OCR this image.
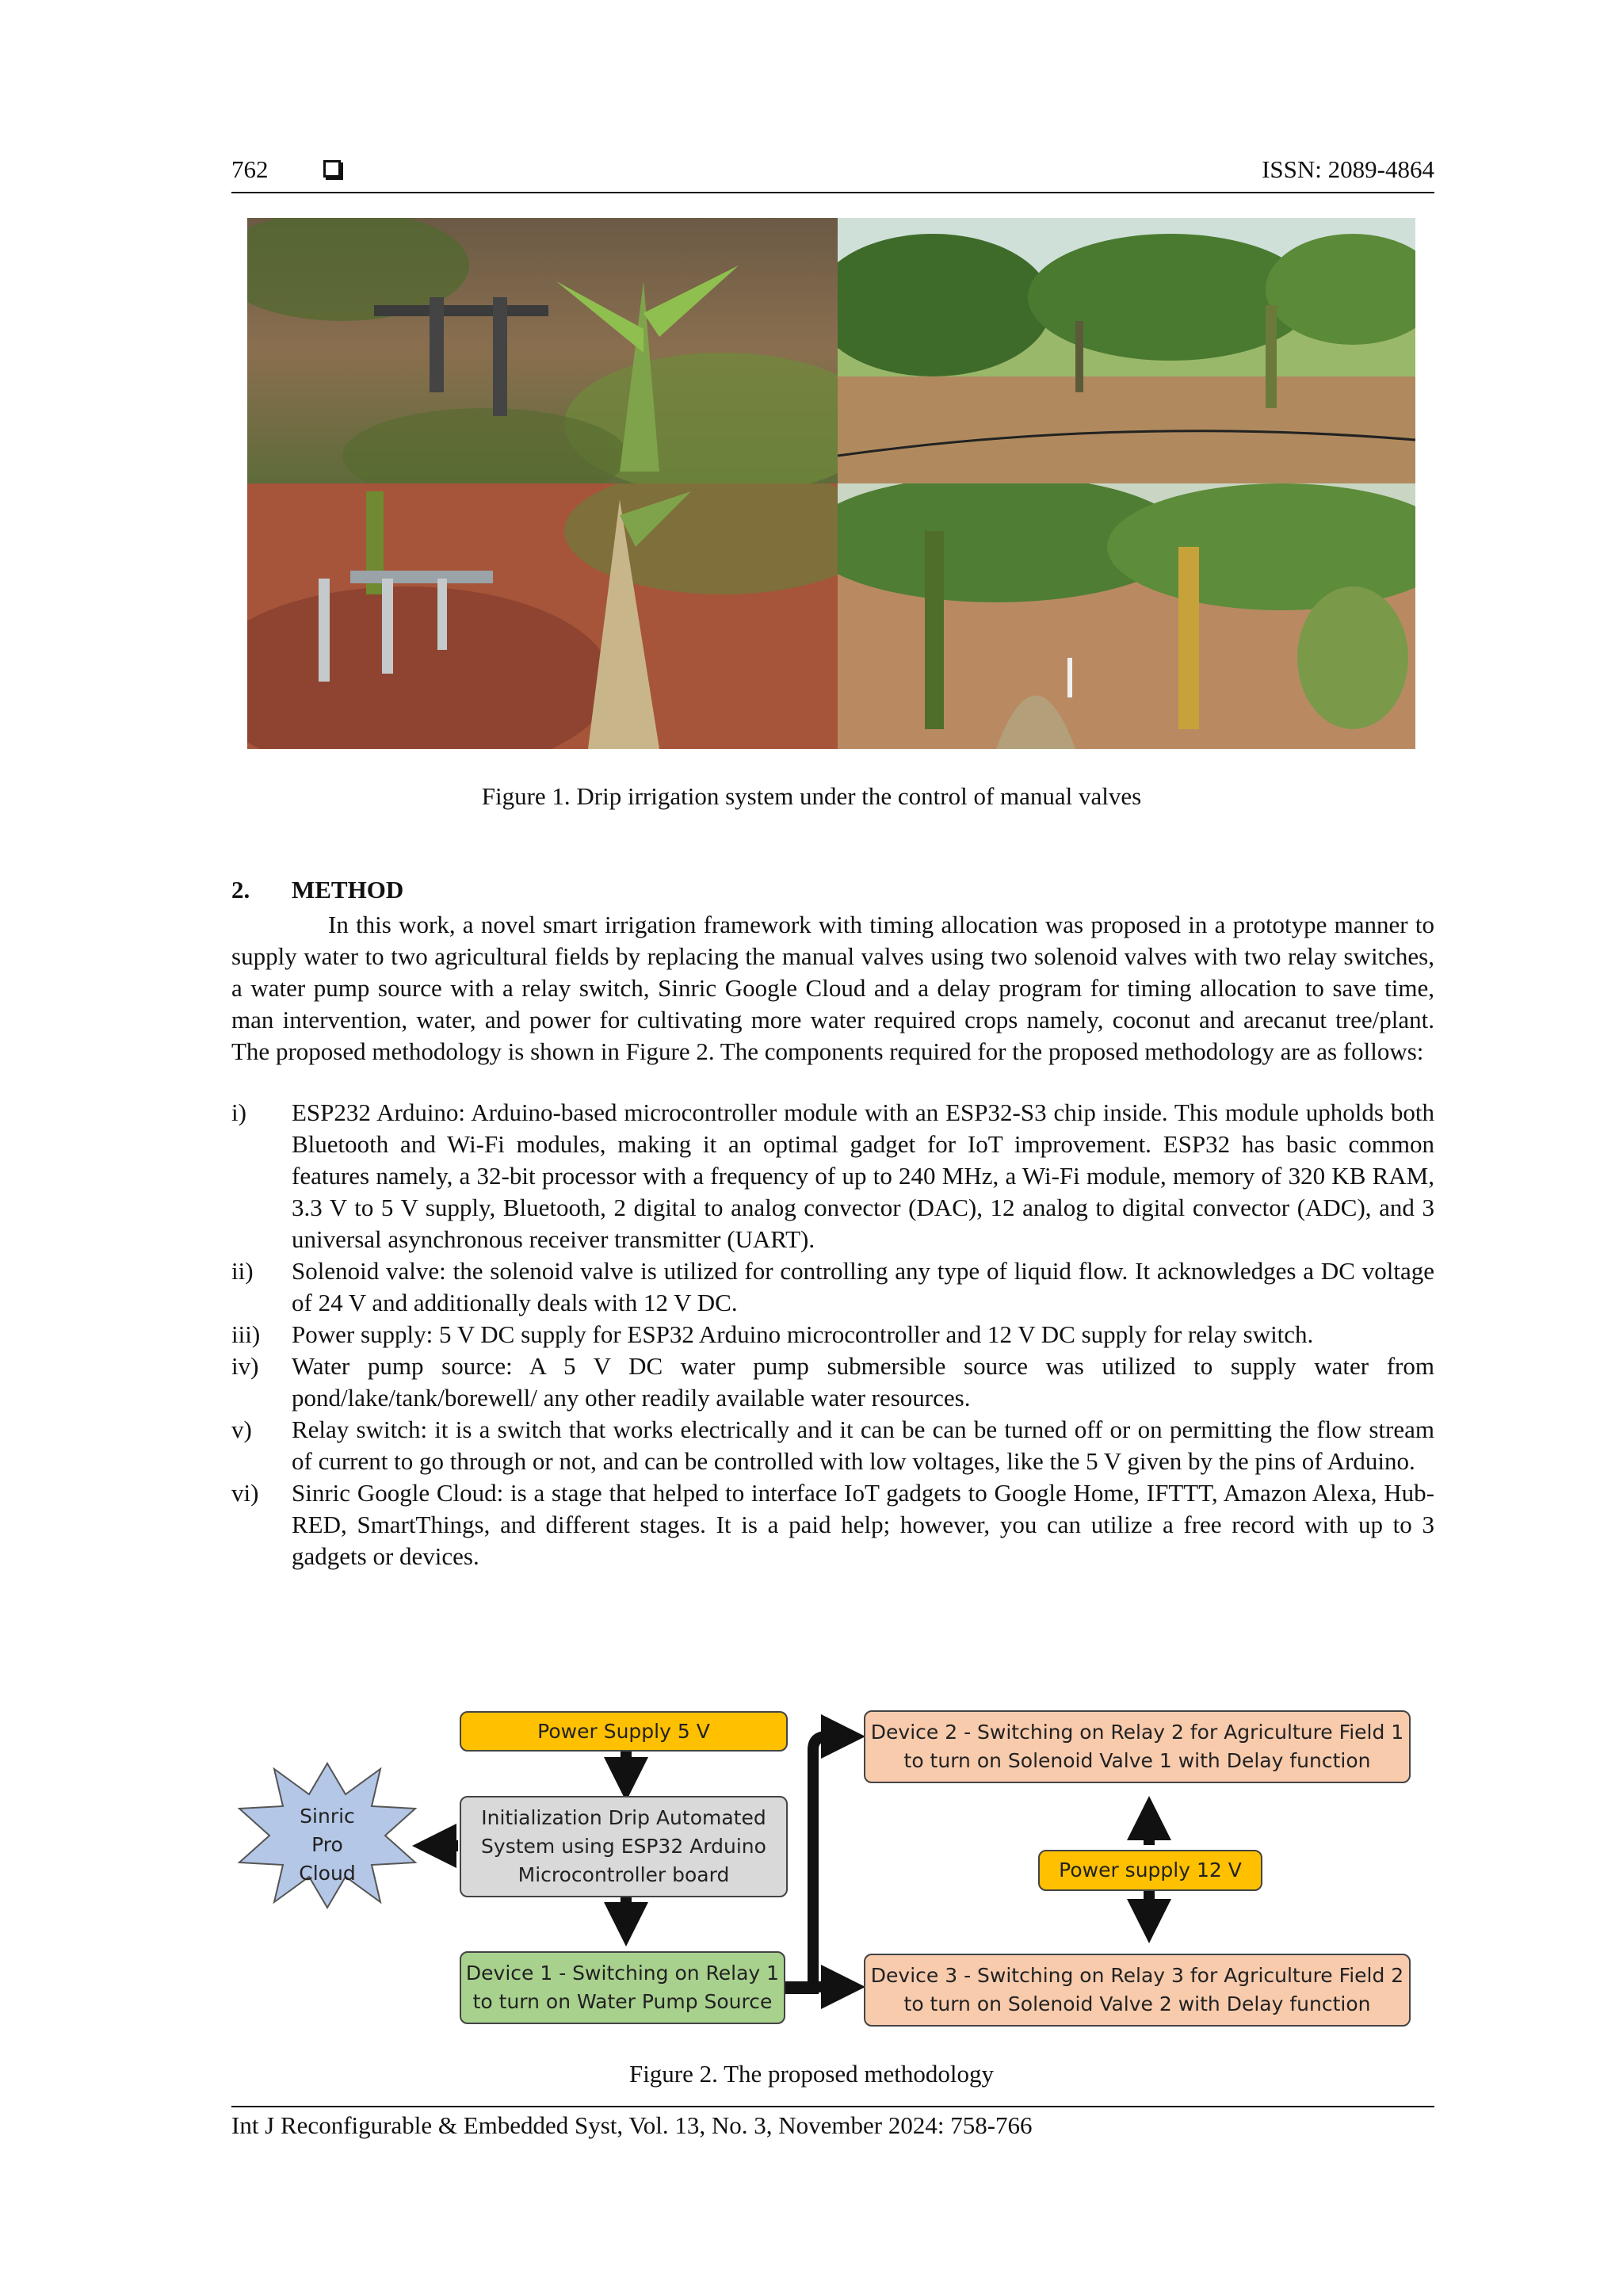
762	ISSN: 2089-4864
Figure 1. Drip irrigation system under the control of manual valves
2. METHOD
In this work, a novel smart irrigation framework with timing allocation was proposed in a prototype manner to supply water to two agricultural fields by replacing the manual valves using two solenoid valves with two relay switches, a water pump source with a relay switch, Sinric Google Cloud and a delay program for timing allocation to save time, man intervention, water, and power for cultivating more water required crops namely, coconut and arecanut tree/plant. The proposed methodology is shown in Figure 2. The components required for the proposed methodology are as follows:
i)	ESP232 Arduino: Arduino-based microcontroller module with an ESP32-S3 chip inside. This module upholds both Bluetooth and Wi-Fi modules, making it an optimal gadget for IoT improvement. ESP32 has basic common features namely, a 32-bit processor with a frequency of up to 240 MHz, a Wi-Fi module, memory of 320 KB RAM, 3.3 V to 5 V supply, Bluetooth, 2 digital to analog convector (DAC), 12 analog to digital convector (ADC), and 3 universal asynchronous receiver transmitter (UART).
ii)	Solenoid valve: the solenoid valve is utilized for controlling any type of liquid flow. It acknowledges a DC voltage of 24 V and additionally deals with 12 V DC.
iii)	Power supply: 5 V DC supply for ESP32 Arduino microcontroller and 12 V DC supply for relay switch.
iv)	Water pump source: A 5 V DC water pump submersible source was utilized to supply water from pond/lake/tank/borewell/ any other readily available water resources.
v)	Relay switch: it is a switch that works electrically and it can be can be turned off or on permitting the flow stream of current to go through or not, and can be controlled with low voltages, like the 5 V given by the pins of Arduino.
vi)	Sinric Google Cloud: is a stage that helped to interface IoT gadgets to Google Home, IFTTT, Amazon Alexa, Hub-RED, SmartThings, and different stages. It is a paid help; however, you can utilize a free record with up to 3 gadgets or devices.
Sinric
Pro
Cloud
Power Supply 5 V
Initialization Drip Automated
System using ESP32 Arduino
Microcontroller board
Device 1 - Switching on Relay 1
to turn on Water Pump Source
Device 2 - Switching on Relay 2 for Agriculture Field 1
to turn on Solenoid Valve 1 with Delay function
Power supply 12 V
Device 3 - Switching on Relay 3 for Agriculture Field 2
to turn on Solenoid Valve 2 with Delay function
Figure 2. The proposed methodology
Int J Reconfigurable & Embedded Syst, Vol. 13, No. 3, November 2024: 758-766
